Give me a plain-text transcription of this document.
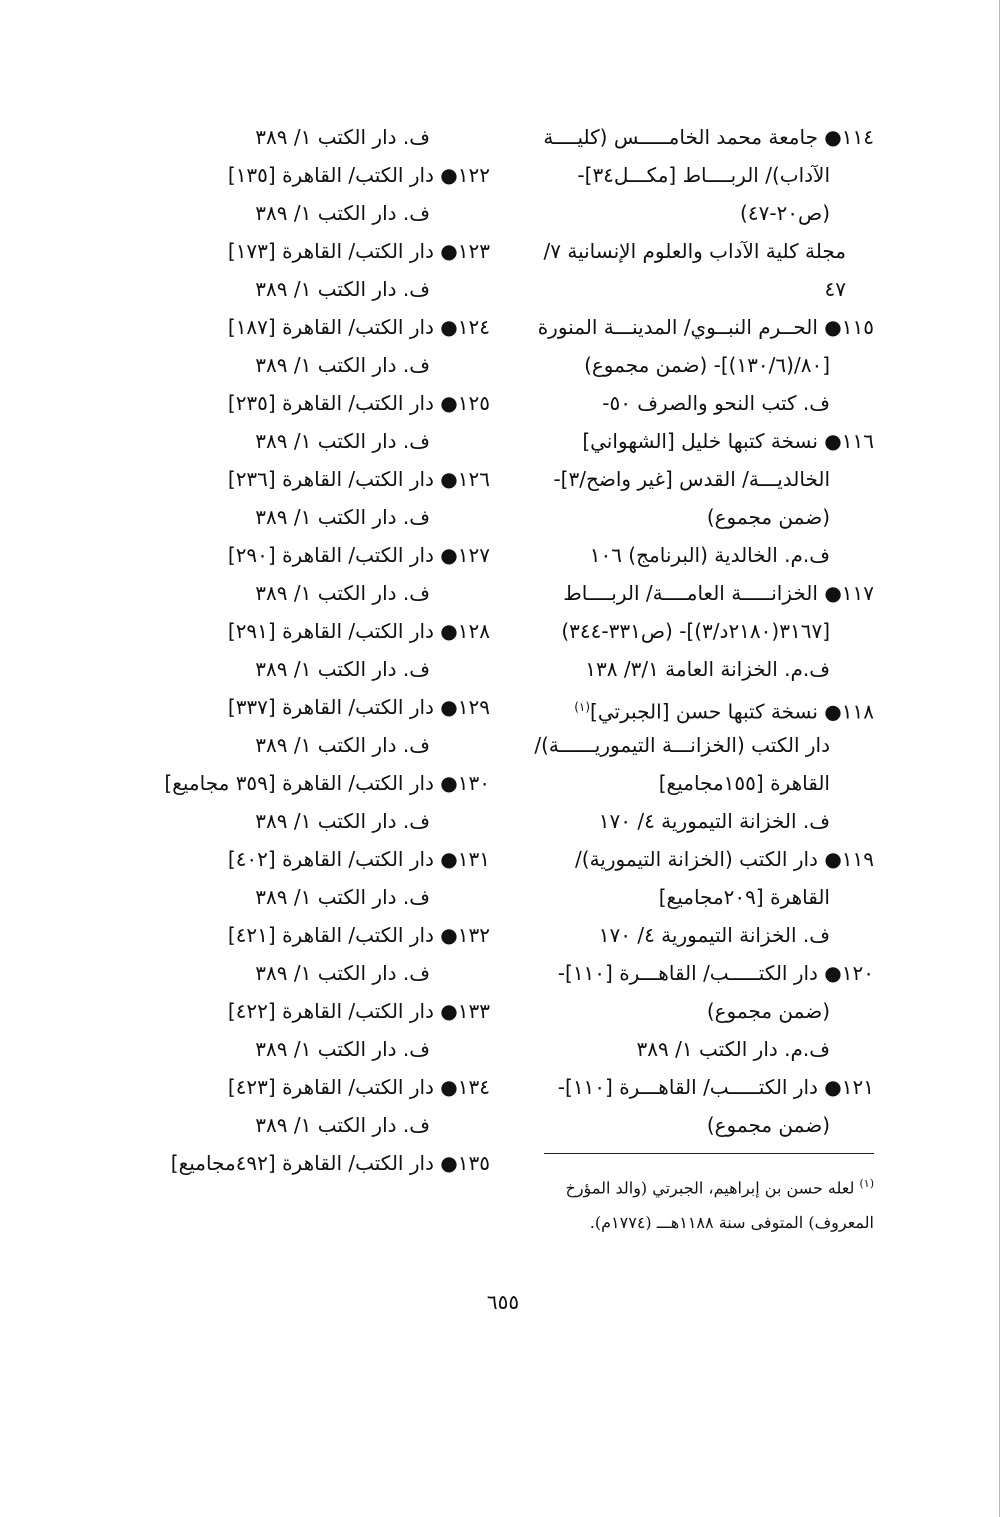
١١٤● جامعة محمد الخامـــــس (كليــــة
الآداب)/ الربــــاط [مكـــل٣٤]-
(ص٢٠-٤٧)
مجلة كلية الآداب والعلوم الإنسانية ٧/
٤٧
١١٥● الحــرم النبــوي/ المدينـــة المنورة
[٨٠/(١٣٠/٦)]- (ضمن مجموع)
ف. كتب النحو والصرف ٥٠-
١١٦● نسخة كتبها خليل [الشهواني]
الخالديـــة/ القدس [غير واضح/٣]-
(ضمن مجموع)
ف.م. الخالدية (البرنامج) ١٠٦
١١٧● الخزانـــــة العامــــة/ الربــــاط
[٣١٦٧(٢١٨٠د/٣)]- (ص٣٣١-٣٤٤)
ف.م. الخزانة العامة ٣/١/ ١٣٨
١١٨● نسخة كتبها حسن [الجبرتي]$^{(١)}$
دار الكتب (الخزانـــة التيموريــــــة)/
القاهرة [١٥٥مجاميع]
ف. الخزانة التيمورية ٤/ ١٧٠
١١٩● دار الكتب (الخزانة التيمورية)/
القاهرة [٢٠٩مجاميع]
ف. الخزانة التيمورية ٤/ ١٧٠
١٢٠● دار الكتـــــب/ القاهـــرة [١١٠]-
(ضمن مجموع)
ف.م. دار الكتب ١/ ٣٨٩
١٢١● دار الكتـــــب/ القاهـــرة [١١٠]-
(ضمن مجموع)
ف. دار الكتب ١/ ٣٨٩
١٢٢● دار الكتب/ القاهرة [١٣٥]
ف. دار الكتب ١/ ٣٨٩
١٢٣● دار الكتب/ القاهرة [١٧٣]
ف. دار الكتب ١/ ٣٨٩
١٢٤● دار الكتب/ القاهرة [١٨٧]
ف. دار الكتب ١/ ٣٨٩
١٢٥● دار الكتب/ القاهرة [٢٣٥]
ف. دار الكتب ١/ ٣٨٩
١٢٦● دار الكتب/ القاهرة [٢٣٦]
ف. دار الكتب ١/ ٣٨٩
١٢٧● دار الكتب/ القاهرة [٢٩٠]
ف. دار الكتب ١/ ٣٨٩
١٢٨● دار الكتب/ القاهرة [٢٩١]
ف. دار الكتب ١/ ٣٨٩
١٢٩● دار الكتب/ القاهرة [٣٣٧]
ف. دار الكتب ١/ ٣٨٩
١٣٠● دار الكتب/ القاهرة [٣٥٩ مجاميع]
ف. دار الكتب ١/ ٣٨٩
١٣١● دار الكتب/ القاهرة [٤٠٢]
ف. دار الكتب ١/ ٣٨٩
١٣٢● دار الكتب/ القاهرة [٤٢١]
ف. دار الكتب ١/ ٣٨٩
١٣٣● دار الكتب/ القاهرة [٤٢٢]
ف. دار الكتب ١/ ٣٨٩
١٣٤● دار الكتب/ القاهرة [٤٢٣]
ف. دار الكتب ١/ ٣٨٩
١٣٥● دار الكتب/ القاهرة [٤٩٢مجاميع]
$^{(١)}$ لعله حسن بن إبراهيم، الجبرتي (والد المؤرخ
المعروف) المتوفى سنة ١١٨٨هـــ (١٧٧٤م).
٦٥٥
